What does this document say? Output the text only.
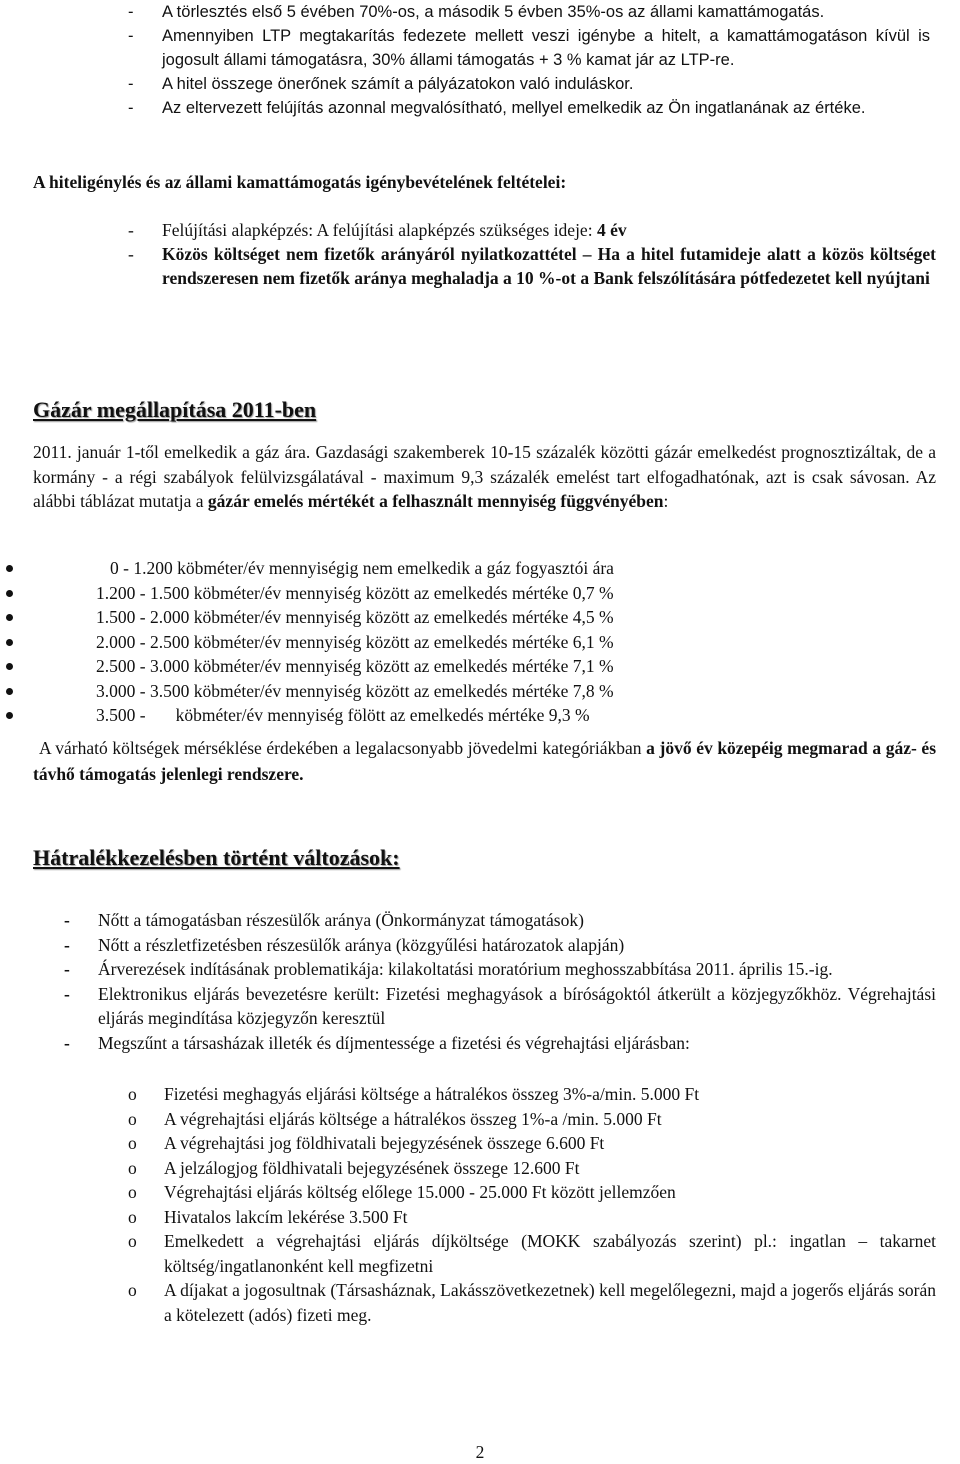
- A törlesztés első 5 évében 70%-os, a második 5 évben 35%-os az állami kamattámogatás.
- Amennyiben LTP megtakarítás fedezete mellett veszi igénybe a hitelt, a kamattámogatáson kívül is jogosult állami támogatásra, 30% állami támogatás + 3 % kamat jár az LTP-re.
- A hitel összege önerőnek számít a pályázatokon való induláskor.
- Az eltervezett felújítás azonnal megvalósítható, mellyel emelkedik az Ön ingatlanának az értéke.
A hiteligénylés és az állami kamattámogatás igénybevételének feltételei:
- Felújítási alapképzés: A felújítási alapképzés szükséges ideje: 4 év
- Közös költséget nem fizetők arányáról nyilatkozattétel – Ha a hitel futamideje alatt a közös költséget rendszeresen nem fizetők aránya meghaladja a 10 %-ot a Bank felszólítására pótfedezetet kell nyújtani
Gázár megállapítása 2011-ben
2011. január 1-től emelkedik a gáz ára. Gazdasági szakemberek 10-15 százalék közötti gázár emelkedést prognosztizáltak, de a kormány - a régi szabályok felülvizsgálatával - maximum 9,3 százalék emelést tart elfogadhatónak, azt is csak sávosan. Az alábbi táblázat mutatja a gázár emelés mértékét a felhasznált mennyiség függvényében:
0 - 1.200 köbméter/év mennyiségig nem emelkedik a gáz fogyasztói ára
1.200 - 1.500 köbméter/év mennyiség között az emelkedés mértéke 0,7 %
1.500 - 2.000 köbméter/év mennyiség között az emelkedés mértéke 4,5 %
2.000 - 2.500 köbméter/év mennyiség között az emelkedés mértéke 6,1 %
2.500 - 3.000 köbméter/év mennyiség között az emelkedés mértéke 7,1 %
3.000 - 3.500 köbméter/év mennyiség között az emelkedés mértéke 7,8 %
3.500 - köbméter/év mennyiség fölött az emelkedés mértéke 9,3 %
A várható költségek mérséklése érdekében a legalacsonyabb jövedelmi kategóriákban a jövő év közepéig megmarad a gáz- és távhő támogatás jelenlegi rendszere.
Hátralékkezelésben történt változások:
- Nőtt a támogatásban részesülők aránya (Önkormányzat támogatások)
- Nőtt a részletfizetésben részesülők aránya (közgyűlési határozatok alapján)
- Árverezések indításának problematikája: kilakoltatási moratórium meghosszabbítása 2011. április 15.-ig.
- Elektronikus eljárás bevezetésre került: Fizetési meghagyások a bíróságoktól átkerült a közjegyzőkhöz. Végrehajtási eljárás megindítása közjegyzőn keresztül
- Megszűnt a társasházak illeték és díjmentessége a fizetési és végrehajtási eljárásban:
o Fizetési meghagyás eljárási költsége a hátralékos összeg 3%-a/min. 5.000 Ft
o A végrehajtási eljárás költsége a hátralékos összeg 1%-a /min. 5.000 Ft
o A végrehajtási jog földhivatali bejegyzésének összege 6.600 Ft
o A jelzálogjog földhivatali bejegyzésének összege 12.600 Ft
o Végrehajtási eljárás költség előlege 15.000 - 25.000 Ft között jellemzően
o Hivatalos lakcím lekérése 3.500 Ft
o Emelkedett a végrehajtási eljárás díjköltsége (MOKK szabályozás szerint) pl.: ingatlan – takarnet költség/ingatlanonként kell megfizetni
o A díjakat a jogosultnak (Társasháznak, Lakásszövetkezetnek) kell megelőlegezni, majd a jogerős eljárás során a kötelezett (adós) fizeti meg.
2
